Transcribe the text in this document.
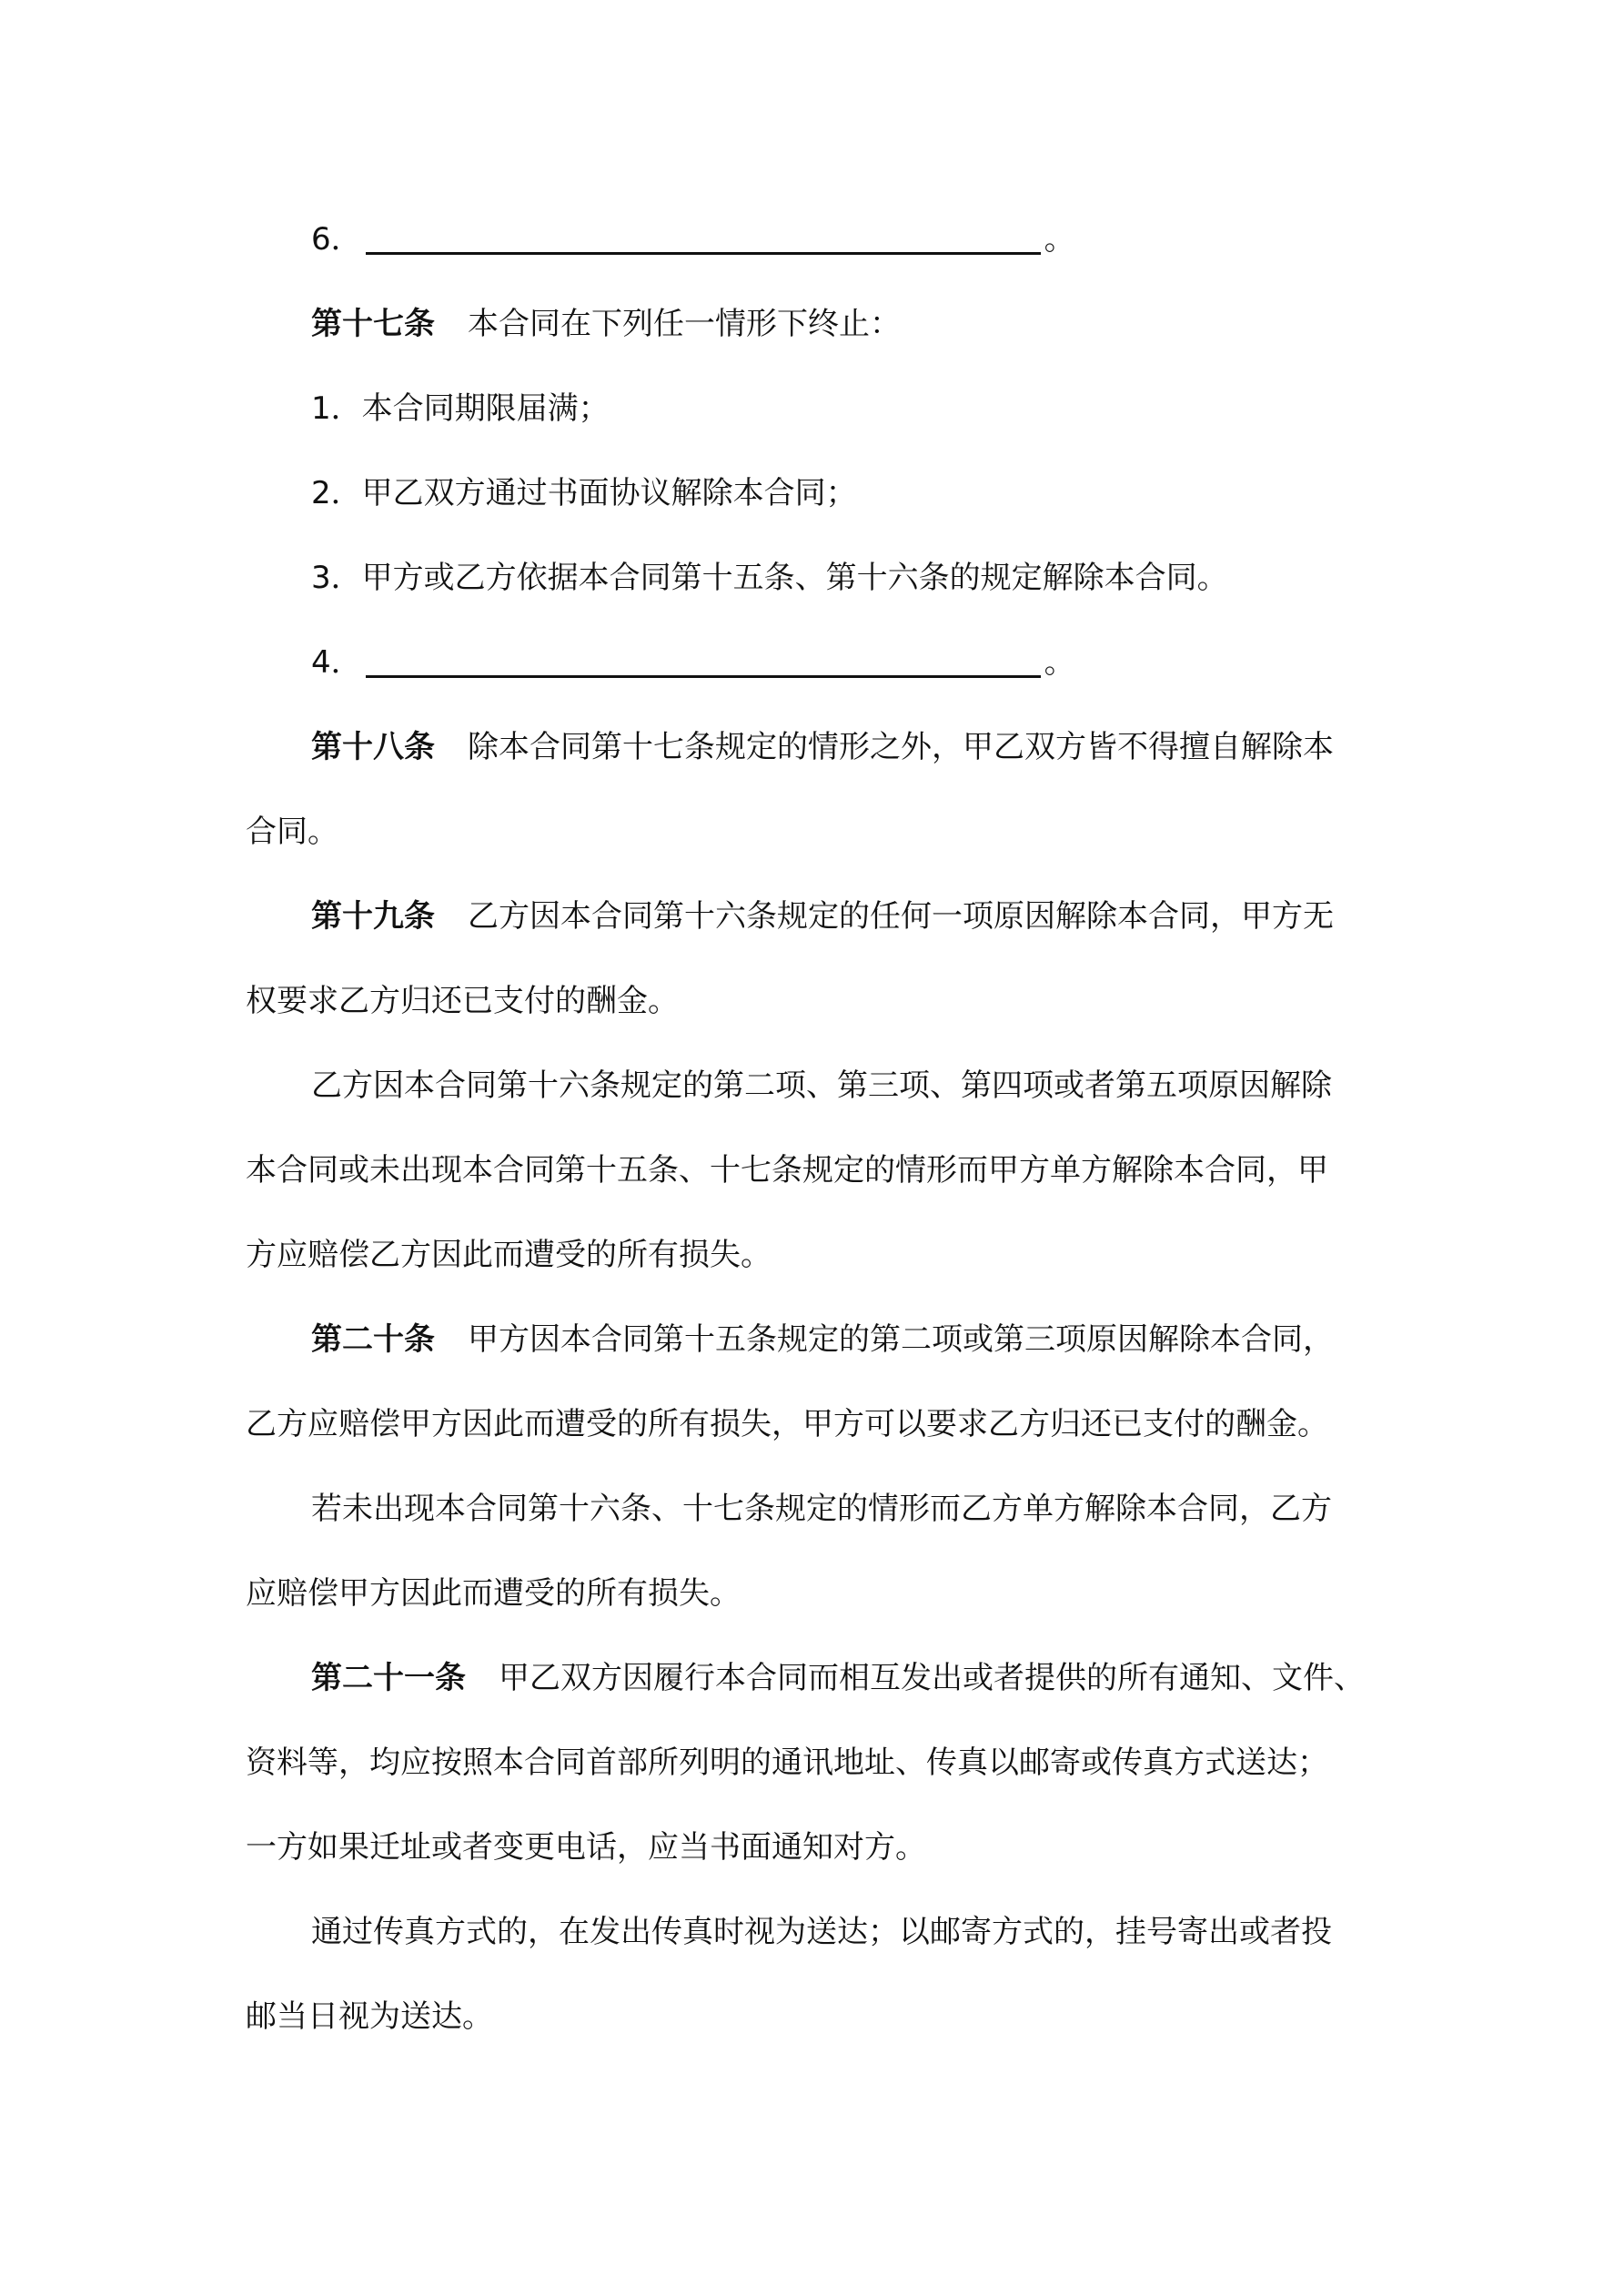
6．	。
第十七条 本合同在下列任一情形下终止：
1．本合同期限届满；
2．甲乙双方通过书面协议解除本合同；
3．甲方或乙方依据本合同第十五条、第十六条的规定解除本合同。
4．	。
第十八条 除本合同第十七条规定的情形之外，甲乙双方皆不得擅自解除本
合同。
第十九条 乙方因本合同第十六条规定的任何一项原因解除本合同，甲方无
权要求乙方归还已支付的酬金。
乙方因本合同第十六条规定的第二项、第三项、第四项或者第五项原因解除
本合同或未出现本合同第十五条、十七条规定的情形而甲方单方解除本合同，甲
方应赔偿乙方因此而遭受的所有损失。
第二十条 甲方因本合同第十五条规定的第二项或第三项原因解除本合同，
乙方应赔偿甲方因此而遭受的所有损失，甲方可以要求乙方归还已支付的酬金。
若未出现本合同第十六条、十七条规定的情形而乙方单方解除本合同，乙方
应赔偿甲方因此而遭受的所有损失。
第二十一条 甲乙双方因履行本合同而相互发出或者提供的所有通知、文件、
资料等，均应按照本合同首部所列明的通讯地址、传真以邮寄或传真方式送达；
一方如果迁址或者变更电话，应当书面通知对方。
通过传真方式的，在发出传真时视为送达；以邮寄方式的，挂号寄出或者投
邮当日视为送达。
